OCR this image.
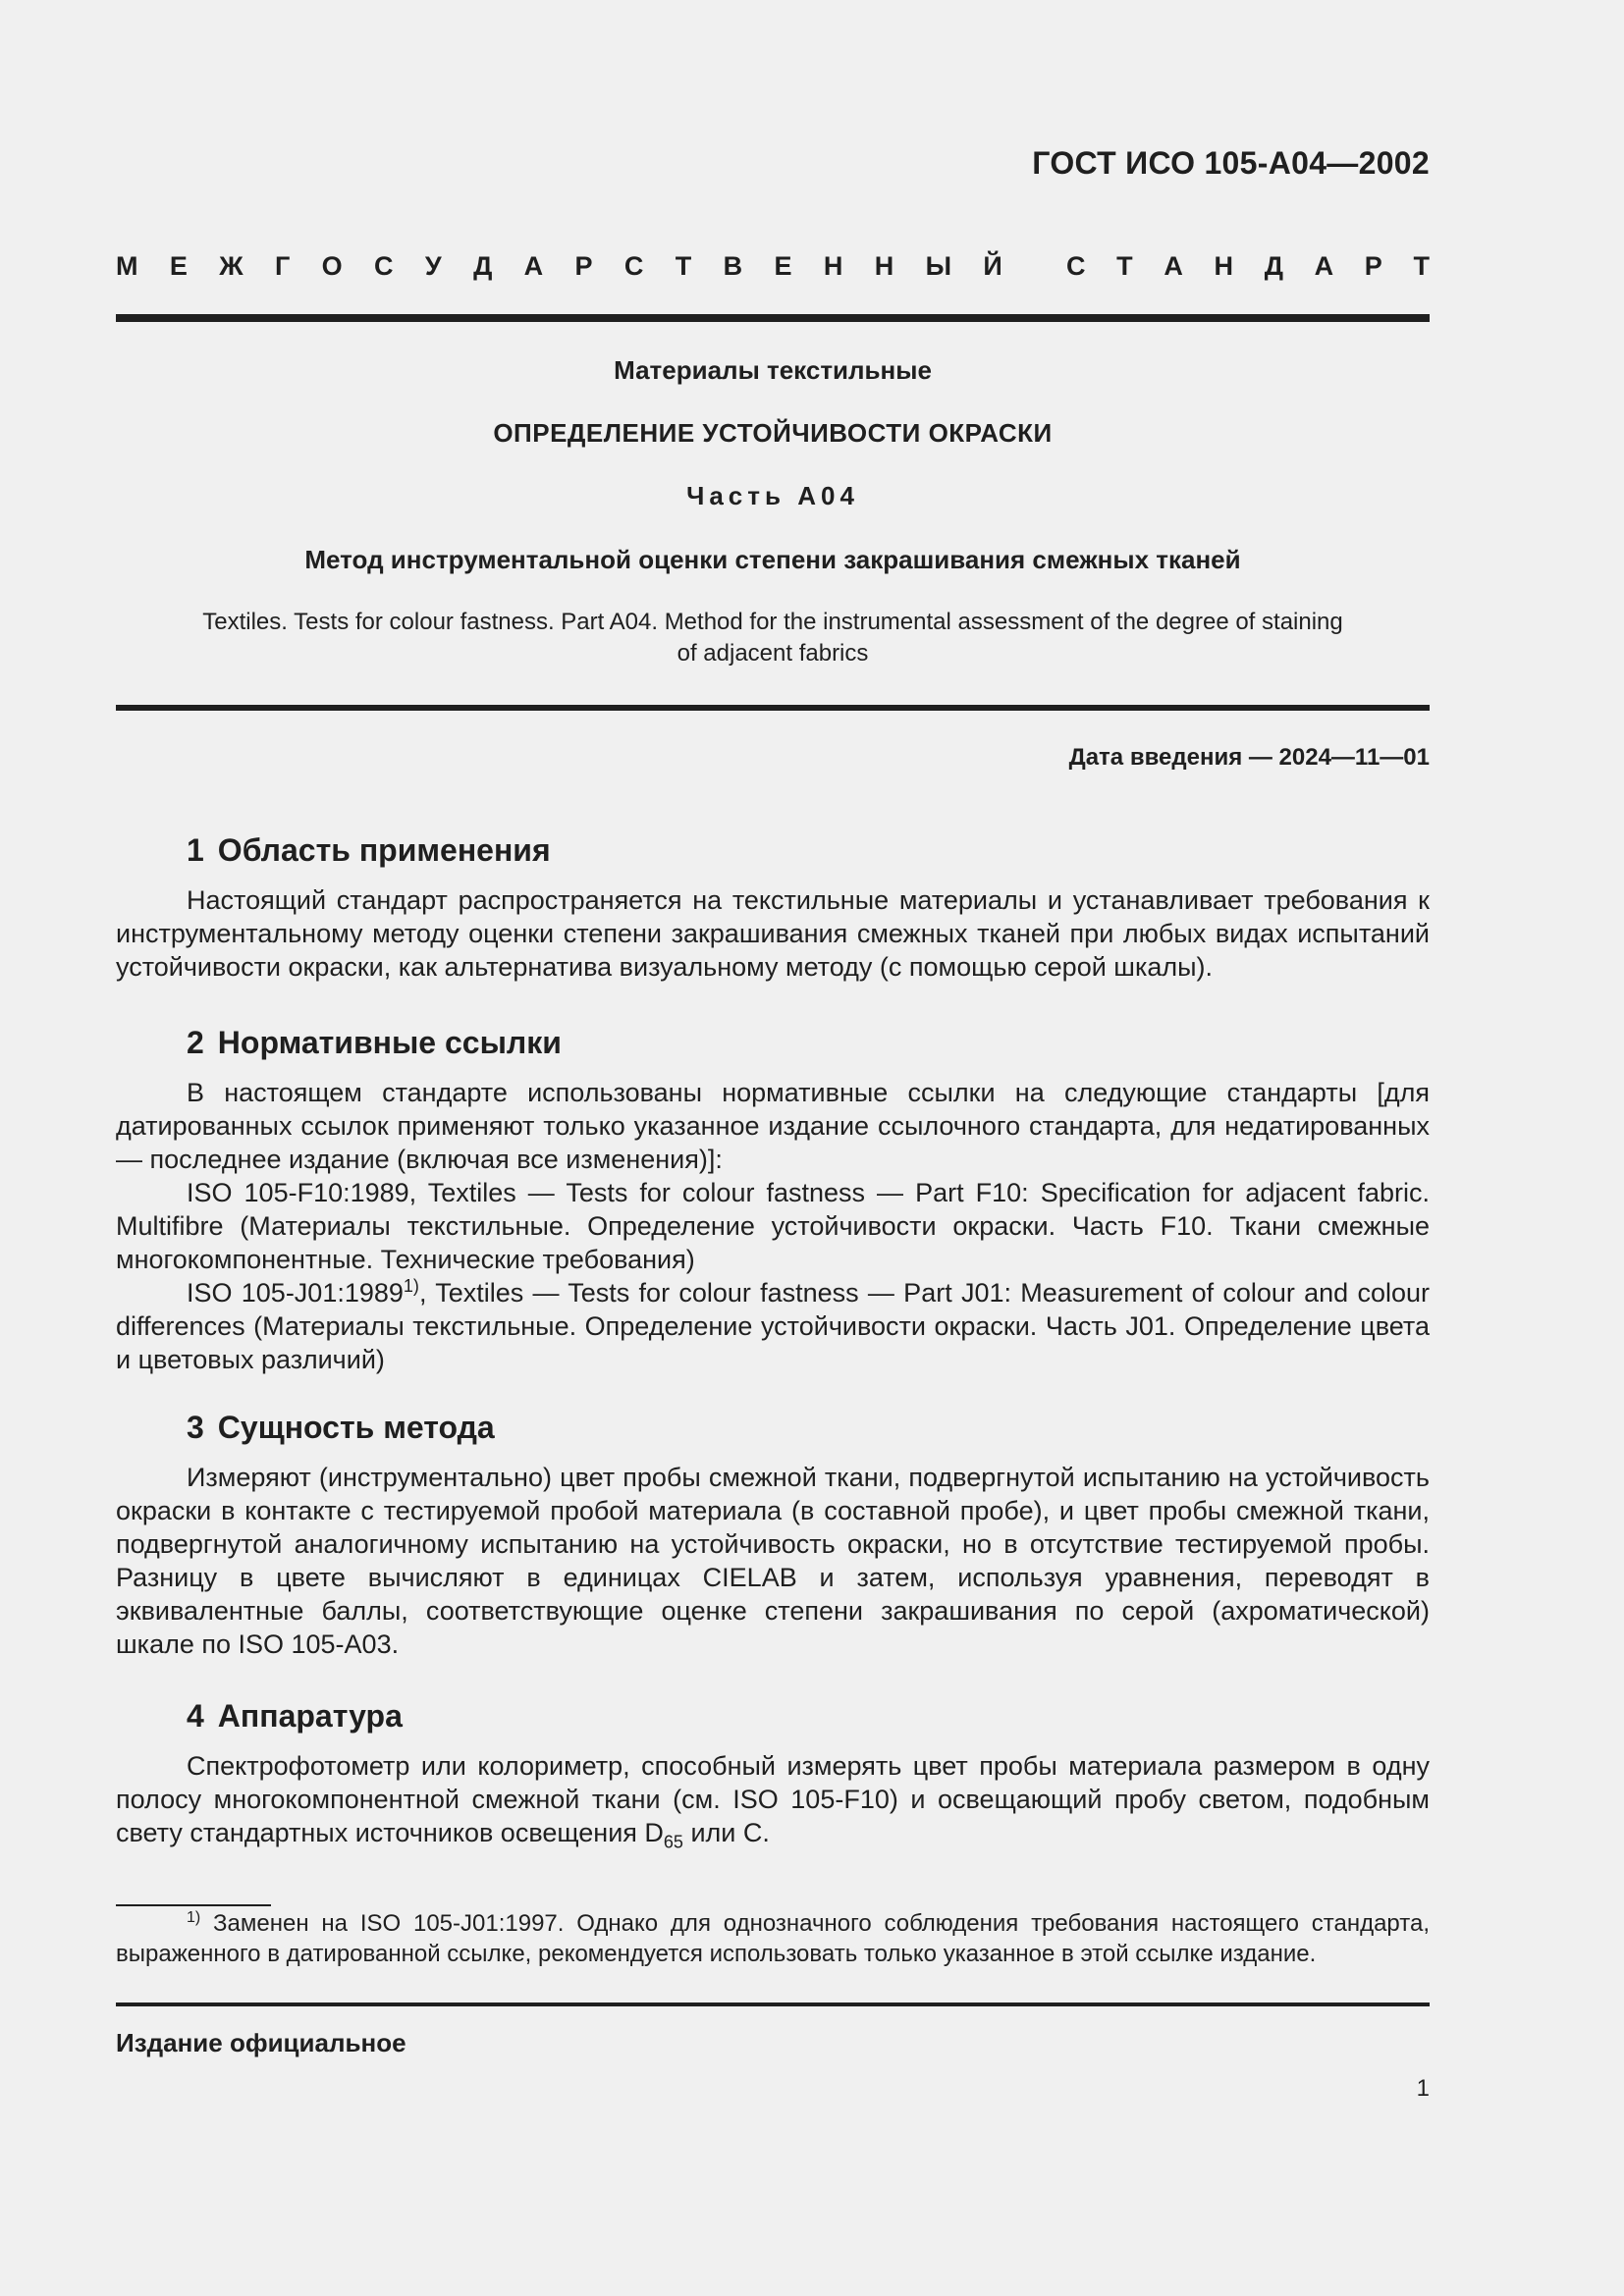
ГОСТ ИСО 105-A04—2002
М Е Ж Г О С У Д А Р С Т В Е Н Н Ы Й С Т А Н Д А Р Т
Материалы текстильные
ОПРЕДЕЛЕНИЕ УСТОЙЧИВОСТИ ОКРАСКИ
Часть А04
Метод инструментальной оценки степени закрашивания смежных тканей
Textiles. Tests for colour fastness. Part A04. Method for the instrumental assessment of the degree of staining
of adjacent fabrics
Дата введения — 2024—11—01
1 Область применения

Настоящий стандарт распространяется на текстильные материалы и устанавливает требования к инструментальному методу оценки степени закрашивания смежных тканей при любых видах испытаний устойчивости окраски, как альтернатива визуальному методу (с помощью серой шкалы).

2 Нормативные ссылки

В настоящем стандарте использованы нормативные ссылки на следующие стандарты [для датированных ссылок применяют только указанное издание ссылочного стандарта, для недатированных — последнее издание (включая все изменения)]:

ISO 105-F10:1989, Textiles — Tests for colour fastness — Part F10: Specification for adjacent fabric. Multifibre (Материалы текстильные. Определение устойчивости окраски. Часть F10. Ткани смежные многокомпонентные. Технические требования)

ISO 105-J01:1989$^{1)}$, Textiles — Tests for colour fastness — Part J01: Measurement of colour and colour differences (Материалы текстильные. Определение устойчивости окраски. Часть J01. Определение цвета и цветовых различий)

3 Сущность метода

Измеряют (инструментально) цвет пробы смежной ткани, подвергнутой испытанию на устойчивость окраски в контакте с тестируемой пробой материала (в составной пробе), и цвет пробы смежной ткани, подвергнутой аналогичному испытанию на устойчивость окраски, но в отсутствие тестируемой пробы. Разницу в цвете вычисляют в единицах CIELAB и затем, используя уравнения, переводят в эквивалентные баллы, соответствующие оценке степени закрашивания по серой (ахроматической) шкале по ISO 105-A03.

4 Аппаратура

Спектрофотометр или колориметр, способный измерять цвет пробы материала размером в одну полосу многокомпонентной смежной ткани (см. ISO 105-F10) и освещающий пробу светом, подобным свету стандартных источников освещения $D_{65}$ или С.

$^{1)}$ Заменен на ISO 105-J01:1997. Однако для однозначного соблюдения требования настоящего стандарта, выраженного в датированной ссылке, рекомендуется использовать только указанное в этой ссылке издание.
Издание официальное
1
